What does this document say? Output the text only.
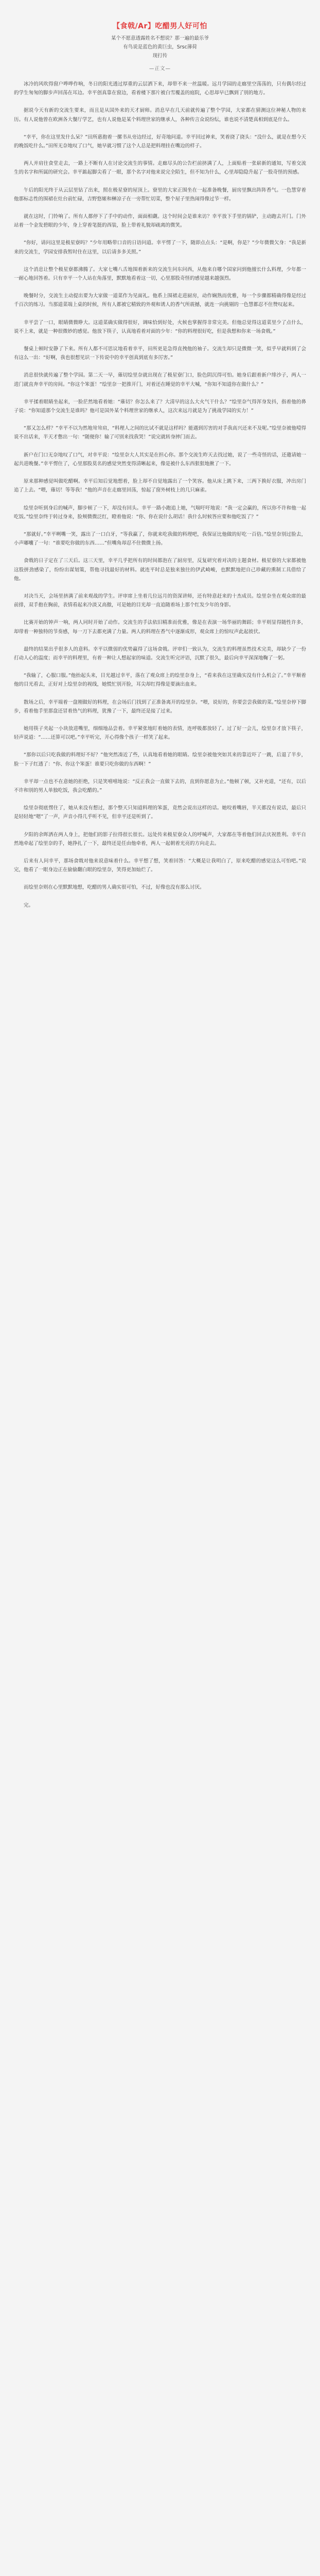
【食戟/Ar】吃醋男人好可怕

某个不愿意透露姓名不想说？那一遍的最乐爷

有鸟说是蓝色的黄巨虫，Srsc薄荷

现打传

—正文—

冰冷的风吹得窗户哗哗作响，冬日的阳光透过厚重的云层洒下来，却带不来一丝温暖。远月学园的走廊里空荡荡的，只有偶尔经过的学生匆匆的脚步声回荡在耳边。幸平创真靠在窗边，看着楼下那片被白雪覆盖的庭院，心思却早已飘到了别的地方。

据说今天有新的交流生要来，而且是从国外来的天才厨师。消息早在几天前就传遍了整个学园，大家都在猜测这位神秘人物的来历。有人说他曾在欧洲各大餐厅学艺，也有人说他是某个料理世家的继承人，各种传言众说纷纭，谁也说不清楚真相到底是什么。

“幸平，你在这里发什么呆？”田所惠抱着一摞书从旁边经过，好奇地问道。幸平回过神来，笑着挠了挠头：“没什么，就是在想今天的晚饭吃什么。”田所无奈地叹了口气，她早就习惯了这个人总是把料理挂在嘴边的样子。

两人并肩往食堂走去，一路上不断有人在讨论交流生的事情。走廊尽头的公告栏前挤满了人，上面贴着一张崭新的通知，写着交流生的名字和所属的研究会。幸平踮起脚尖看了一眼，那个名字对他来说完全陌生，但不知为什么，心里却隐隐升起了一股奇怪的预感。

午后的阳光终于从云层里钻了出来，照在极星寮的屋顶上。寮里的大家正围坐在一起准备晚餐，厨房里飘出阵阵香气。一色慧穿着他那标志性的围裙在灶台前忙碌，吉野悠姬和榊凉子在一旁帮忙切菜，整个屋子里热闹得像过节一样。

就在这时，门铃响了。所有人都停下了手中的动作，面面相觑。这个时间会是谁来访？幸平放下手里的锅铲，主动跑去开门。门外站着一个金发碧眼的少年，身上穿着笔挺的西装，脸上带着礼貌却疏离的微笑。

“你好，请问这里是极星寮吗？”少年用略带口音的日语问道。幸平愣了一下，随即点点头：“是啊，你是？”少年微微欠身：“我是新来的交流生，学园安排我暂时住在这里，以后请多多关照。”

这个消息让整个极星寮都沸腾了。大家七嘴八舌地围着新来的交流生问东问西，从他来自哪个国家问到他擅长什么料理，少年都一一耐心地回答着。只有幸平一个人站在角落里，默默地看着这一切，心里那股奇怪的感觉越来越强烈。

晚餐时分，交流生主动提出要为大家做一道菜作为见面礼。他系上围裙走进厨房，动作娴熟而优雅，每一个步骤都精确得像是经过千百次的练习。当那道菜端上桌的时候，所有人都被它精致的外观和诱人的香气所震撼，就连一向挑剔的一色慧都忍不住赞叹起来。

幸平尝了一口，眼睛微微睁大。这道菜确实做得很好，调味恰到好处，火候也掌握得非常完美。但他总觉得这道菜里少了点什么，说不上来，就是一种很微妙的感觉。他放下筷子，认真地看着对面的少年：“你的料理很好吃，但是我想和你来一场食戟。”

餐桌上顿时安静了下来。所有人都不可思议地看着幸平，田所更是急得直拽他的袖子。交流生却只是微微一笑，似乎早就料到了会有这么一出：“好啊，我也很想见识一下传说中的幸平创真到底有多厉害。”

消息很快就传遍了整个学园。第二天一早，薙切绘里奈就出现在了极星寮门口，脸色阴沉得可怕。她身后跟着新户绯沙子，两人一进门就直奔幸平的房间。“你这个笨蛋！”绘里奈一把推开门，对着还在睡觉的幸平大喊，“你知不知道你在做什么？”

幸平揉着眼睛坐起来，一脸茫然地看着她：“薙切？你怎么来了？大清早的这么大火气干什么？”绘里奈气得浑身发抖，指着他的鼻子说：“你知道那个交流生是谁吗？他可是国外某个料理世家的继承人，这次来远月就是为了挑战学园的实力！”

“那又怎么样？”幸平不以为然地耸耸肩，“料理人之间的比试不就是这样吗？能遇到厉害的对手我高兴还来不及呢。”绘里奈被他噎得说不出话来，半天才憋出一句：“随便你！输了可别来找我哭！”说完就转身摔门而去。

新户在门口无奈地叹了口气，对幸平说：“绘里奈大人其实是在担心你。那个交流生昨天去找过她，说了一些奇怪的话，还邀请她一起共进晚餐。”幸平愣住了，心里那股莫名的感觉突然变得清晰起来，像是被什么东西狠狠地揪了一下。

原来那种感觉叫做吃醋啊。幸平后知后觉地想着，脸上却不自觉地露出了一个笑容。他从床上跳下来，三两下换好衣服，冲出房门追了上去。“喂，薙切！等等我！”他的声音在走廊里回荡，惊起了窗外树枝上的几只麻雀。

绘里奈听到身后的喊声，脚步顿了一下，却没有回头。幸平一路小跑追上她，气喘吁吁地说：“我一定会赢的，所以你不许和他一起吃饭。”绘里奈终于转过身来，脸颊微微泛红，瞪着他说：“你、你在说什么胡话！我什么时候答应要和他吃饭了？”

“那就好。”幸平咧嘴一笑，露出了一口白牙，“等我赢了，你就来吃我做的料理吧，我保证比他做的好吃一百倍。”绘里奈别过脸去，小声嘟囔了一句：“谁要吃你做的东西……”但嘴角却忍不住微微上扬。

食戟的日子定在了三天后。这三天里，幸平几乎把所有的时间都泡在了厨房里，反复研究着对决的主题食材。极星寮的大家都被他这股拼劲感染了，纷纷出谋划策，帮他寻找最好的材料。就连平时总是独来独往的伊武崎峻，也默默地把自己珍藏的熏制工具借给了他。

对决当天，会场里挤满了前来观战的学生。评审席上坐着几位远月的资深讲师，还有特意赶来的十杰成员。绘里奈坐在观众席的最前排，双手抱在胸前，表情看起来冷淡又高傲，可是她的目光却一直追随着场上那个红发少年的身影。

比赛开始的钟声一响，两人同时开始了动作。交流生的手法依旧精准而优雅，像是在表演一场华丽的舞蹈；幸平则显得随性许多，却带着一种独特的节奏感，每一刀下去都充满了力量。两人的料理在香气中逐渐成形，观众席上的惊叹声此起彼伏。

最终的结果出乎很多人的意料。幸平以微弱的优势赢得了这场食戟。评审们一致认为，交流生的料理虽然技术完美，却缺少了一份打动人心的温度；而幸平的料理里，有着一种让人想起家的味道。交流生听完评语，沉默了很久，最后向幸平深深地鞠了一躬。

“我输了，心服口服。”他抬起头来，目光越过幸平，落在了观众席上的绘里奈身上，“看来我在这里确实没有什么机会了。”幸平顺着他的目光看去，正好对上绘里奈的视线，她慌忙别开脸，耳尖却红得像是要滴出血来。

散场之后，幸平端着一盘刚做好的料理，在会场后门找到了正准备离开的绘里奈。“喂，说好的，你要尝尝我做的菜。”绘里奈停下脚步，看着他手里那盘还冒着热气的料理，犹豫了一下，最终还是接了过来。

她用筷子夹起一小块放进嘴里，细细地品尝着。幸平紧张地盯着她的表情，连呼吸都放轻了。过了好一会儿，绘里奈才放下筷子，轻声说道：“……还算可以吧。”幸平听完，开心得像个孩子一样笑了起来。

“那你以后只吃我做的料理好不好？”他突然凑近了些，认真地看着她的眼睛。绘里奈被他突如其来的靠近吓了一跳，后退了半步，脸一下子红透了：“你、你这个笨蛋！谁要只吃你做的东西啊！”

幸平却一点也不在意她的拒绝，只是笑嘻嘻地说：“反正我会一直做下去的，直到你愿意为止。”他顿了顿，又补充道，“还有，以后不许和别的男人单独吃饭，我会吃醋的。”

绘里奈彻底愣住了，她从来没有想过，那个整天只知道料理的笨蛋，竟然会说出这样的话。她咬着嘴唇，半天都没有说话，最后只是轻轻地“嗯”了一声，声音小得几乎听不见，但幸平还是听到了。

夕阳的余晖洒在两人身上，把他们的影子拉得很长很长。远处传来极星寮众人的呼喊声，大家都在等着他们回去庆祝胜利。幸平自然地牵起了绘里奈的手，她挣扎了一下，最终还是任由他牵着，两人一起朝着光亮的方向走去。

后来有人问幸平，那场食戟对他来说意味着什么。幸平想了想，笑着回答：“大概是让我明白了，原来吃醋的感觉这么可怕吧。”说完，他看了一眼身边正在偷偷翻白眼的绘里奈，笑得更加灿烂了。

而绘里奈则在心里默默地想，吃醋的男人确实很可怕，不过，好像也没有那么讨厌。

完。
